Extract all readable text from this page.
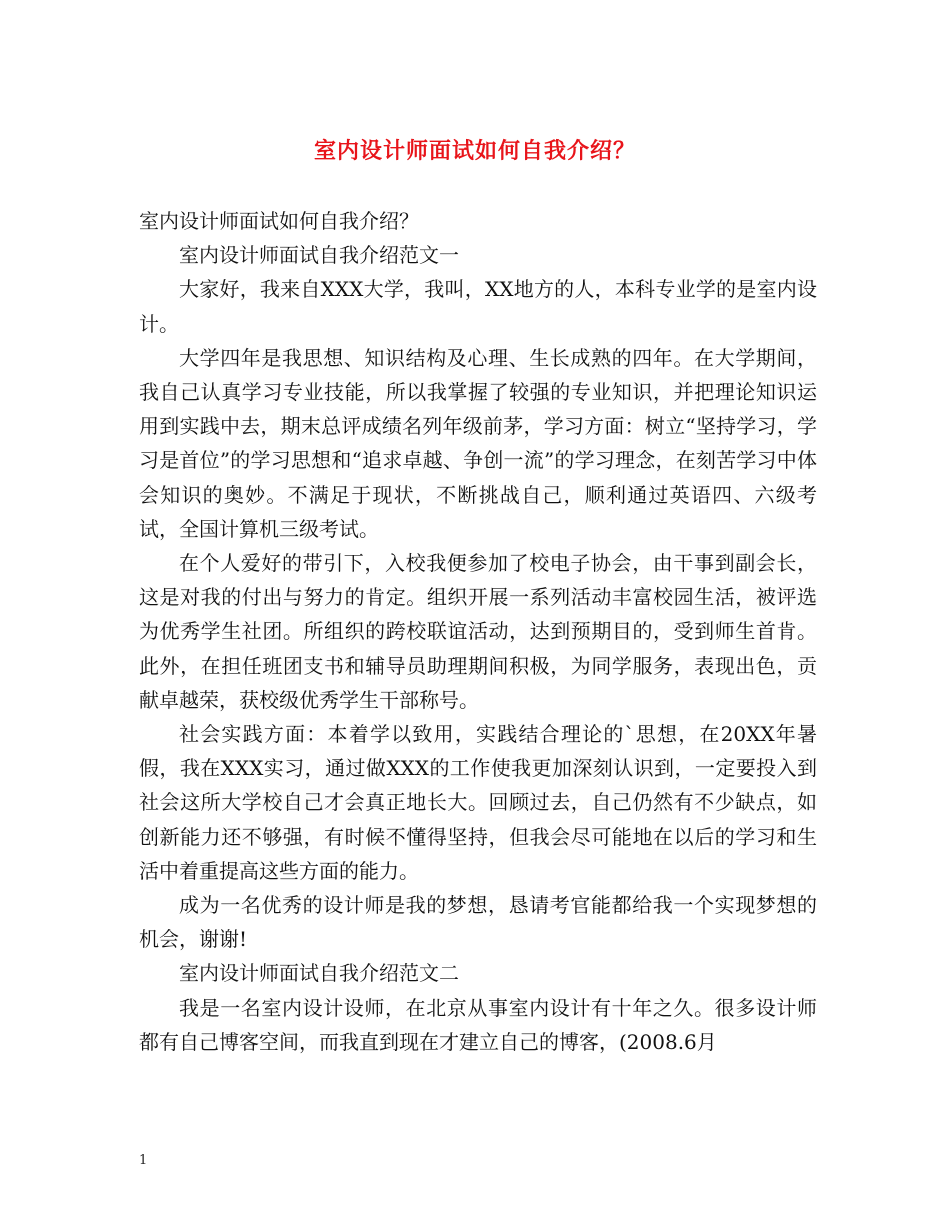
室内设计师面试如何自我介绍？

室内设计师面试如何自我介绍？

室内设计师面试自我介绍范文一

大家好，我来自XXX大学，我叫，XX地方的人，本科专业学的是室内设计。

大学四年是我思想、知识结构及心理、生长成熟的四年。在大学期间，我自己认真学习专业技能，所以我掌握了较强的专业知识，并把理论知识运用到实践中去，期末总评成绩名列年级前茅，学习方面：树立“坚持学习，学习是首位”的学习思想和“追求卓越、争创一流”的学习理念，在刻苦学习中体会知识的奥妙。不满足于现状，不断挑战自己，顺利通过英语四、六级考试，全国计算机三级考试。

在个人爱好的带引下，入校我便参加了校电子协会，由干事到副会长，这是对我的付出与努力的肯定。组织开展一系列活动丰富校园生活，被评选为优秀学生社团。所组织的跨校联谊活动，达到预期目的，受到师生首肯。此外，在担任班团支书和辅导员助理期间积极，为同学服务，表现出色，贡献卓越荣，获校级优秀学生干部称号。

社会实践方面：本着学以致用，实践结合理论的`思想，在20XX年暑假，我在XXX实习，通过做XXX的工作使我更加深刻认识到，一定要投入到社会这所大学校自己才会真正地长大。回顾过去，自己仍然有不少缺点，如创新能力还不够强，有时候不懂得坚持，但我会尽可能地在以后的学习和生活中着重提高这些方面的能力。

成为一名优秀的设计师是我的梦想，恳请考官能都给我一个实现梦想的机会，谢谢!

室内设计师面试自我介绍范文二

我是一名室内设计设师，在北京从事室内设计有十年之久。很多设计师都有自己博客空间，而我直到现在才建立自己的博客，(2008.6月

1
